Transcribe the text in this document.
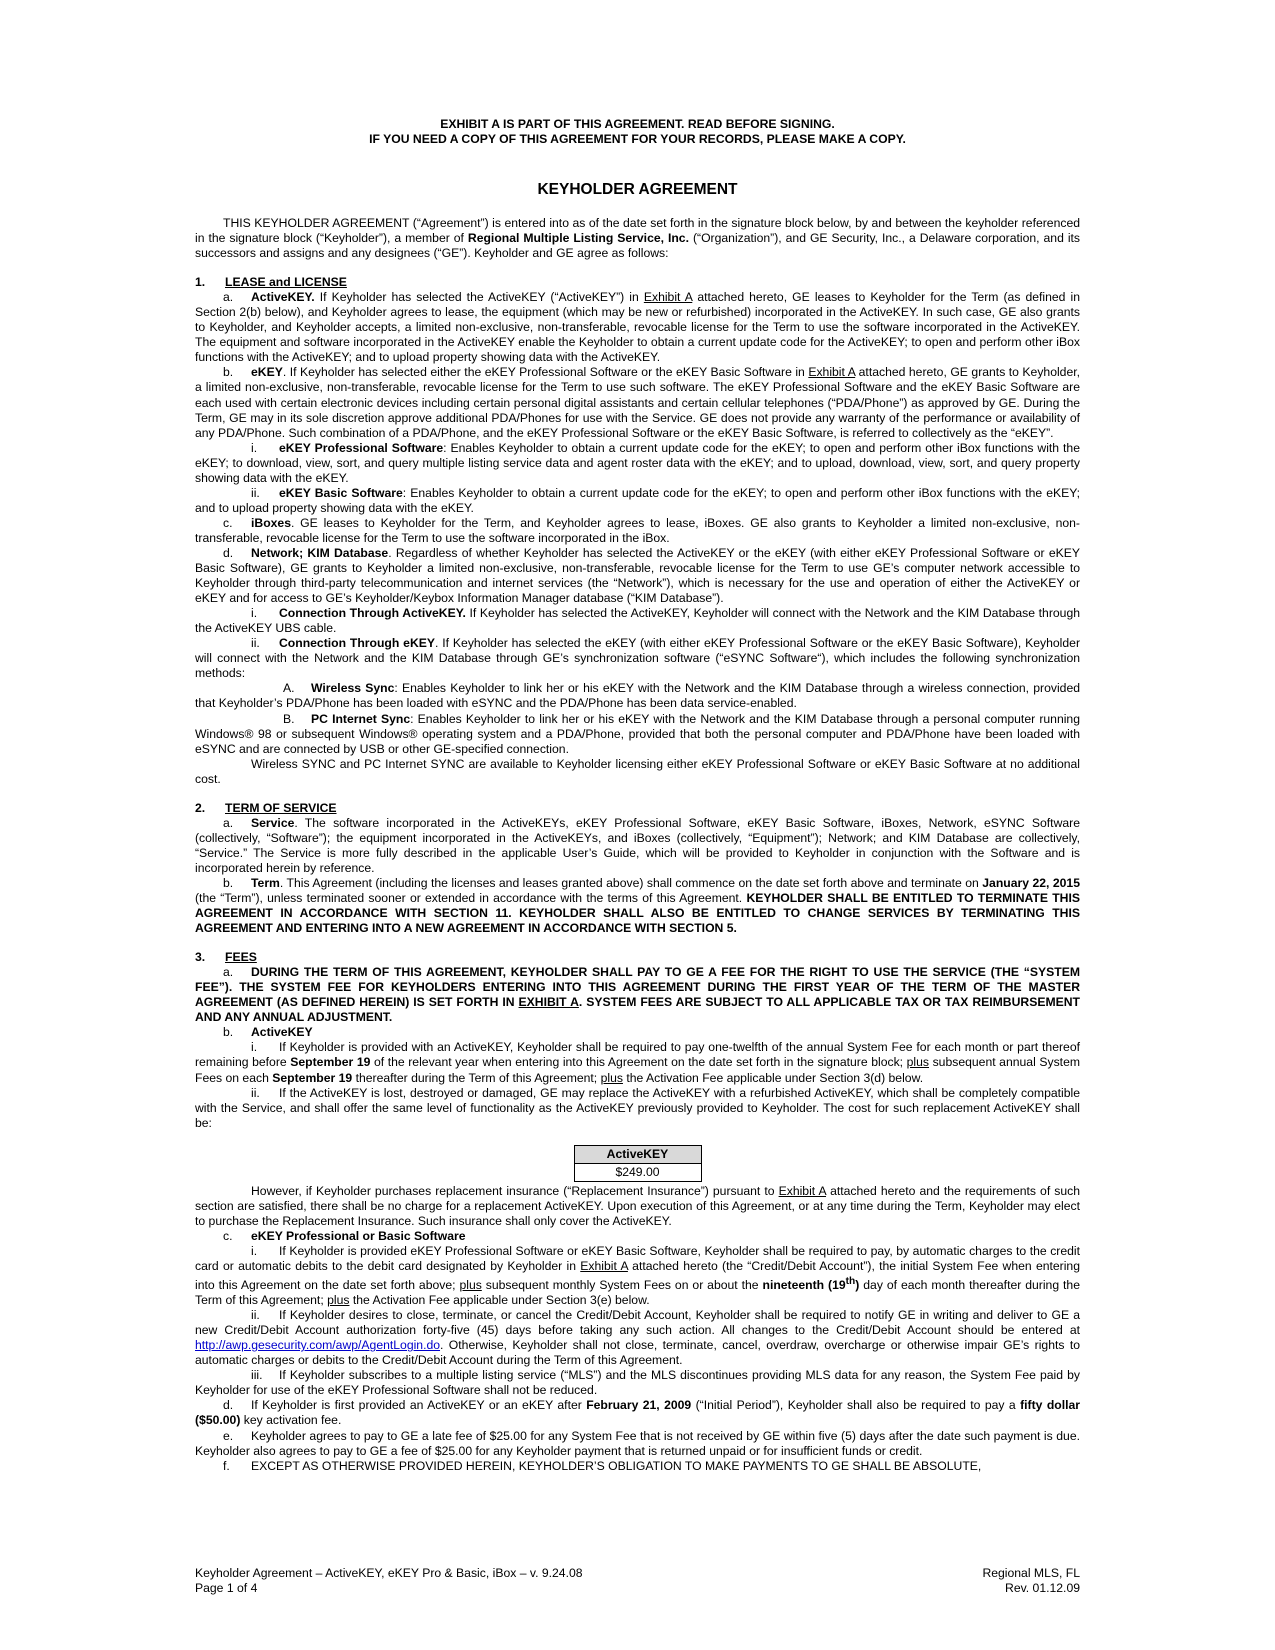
EXHIBIT A IS PART OF THIS AGREEMENT. READ BEFORE SIGNING.
IF YOU NEED A COPY OF THIS AGREEMENT FOR YOUR RECORDS, PLEASE MAKE A COPY.
KEYHOLDER AGREEMENT

THIS KEYHOLDER AGREEMENT (“Agreement”) is entered into as of the date set forth in the signature block below, by and between the keyholder referenced in the signature block (“Keyholder”), a member of Regional Multiple Listing Service, Inc. (“Organization”), and GE Security, Inc., a Delaware corporation, and its successors and assigns and any designees (“GE”). Keyholder and GE agree as follows:

1. LEASE and LICENSE

a. ActiveKEY. If Keyholder has selected the ActiveKEY (“ActiveKEY”) in Exhibit A attached hereto, GE leases to Keyholder for the Term (as defined in Section 2(b) below), and Keyholder agrees to lease, the equipment (which may be new or refurbished) incorporated in the ActiveKEY. In such case, GE also grants to Keyholder, and Keyholder accepts, a limited non-exclusive, non-transferable, revocable license for the Term to use the software incorporated in the ActiveKEY. The equipment and software incorporated in the ActiveKEY enable the Keyholder to obtain a current update code for the ActiveKEY; to open and perform other iBox functions with the ActiveKEY; and to upload property showing data with the ActiveKEY.

b. eKEY. If Keyholder has selected either the eKEY Professional Software or the eKEY Basic Software in Exhibit A attached hereto, GE grants to Keyholder, a limited non-exclusive, non-transferable, revocable license for the Term to use such software. The eKEY Professional Software and the eKEY Basic Software are each used with certain electronic devices including certain personal digital assistants and certain cellular telephones (“PDA/Phone”) as approved by GE. During the Term, GE may in its sole discretion approve additional PDA/Phones for use with the Service. GE does not provide any warranty of the performance or availability of any PDA/Phone. Such combination of a PDA/Phone, and the eKEY Professional Software or the eKEY Basic Software, is referred to collectively as the “eKEY”.

i. eKEY Professional Software: Enables Keyholder to obtain a current update code for the eKEY; to open and perform other iBox functions with the eKEY; to download, view, sort, and query multiple listing service data and agent roster data with the eKEY; and to upload, download, view, sort, and query property showing data with the eKEY.

ii. eKEY Basic Software: Enables Keyholder to obtain a current update code for the eKEY; to open and perform other iBox functions with the eKEY; and to upload property showing data with the eKEY.

c. iBoxes. GE leases to Keyholder for the Term, and Keyholder agrees to lease, iBoxes. GE also grants to Keyholder a limited non-exclusive, non-transferable, revocable license for the Term to use the software incorporated in the iBox.

d. Network; KIM Database. Regardless of whether Keyholder has selected the ActiveKEY or the eKEY (with either eKEY Professional Software or eKEY Basic Software), GE grants to Keyholder a limited non-exclusive, non-transferable, revocable license for the Term to use GE’s computer network accessible to Keyholder through third-party telecommunication and internet services (the “Network”), which is necessary for the use and operation of either the ActiveKEY or eKEY and for access to GE’s Keyholder/Keybox Information Manager database (“KIM Database”).

i. Connection Through ActiveKEY. If Keyholder has selected the ActiveKEY, Keyholder will connect with the Network and the KIM Database through the ActiveKEY UBS cable.

ii. Connection Through eKEY. If Keyholder has selected the eKEY (with either eKEY Professional Software or the eKEY Basic Software), Keyholder will connect with the Network and the KIM Database through GE’s synchronization software (“eSYNC Software“), which includes the following synchronization methods:

A. Wireless Sync: Enables Keyholder to link her or his eKEY with the Network and the KIM Database through a wireless connection, provided that Keyholder’s PDA/Phone has been loaded with eSYNC and the PDA/Phone has been data service-enabled.

B. PC Internet Sync: Enables Keyholder to link her or his eKEY with the Network and the KIM Database through a personal computer running Windows® 98 or subsequent Windows® operating system and a PDA/Phone, provided that both the personal computer and PDA/Phone have been loaded with eSYNC and are connected by USB or other GE-specified connection.

Wireless SYNC and PC Internet SYNC are available to Keyholder licensing either eKEY Professional Software or eKEY Basic Software at no additional cost.

2. TERM OF SERVICE

a. Service. The software incorporated in the ActiveKEYs, eKEY Professional Software, eKEY Basic Software, iBoxes, Network, eSYNC Software (collectively, “Software”); the equipment incorporated in the ActiveKEYs, and iBoxes (collectively, “Equipment”); Network; and KIM Database are collectively, “Service.” The Service is more fully described in the applicable User’s Guide, which will be provided to Keyholder in conjunction with the Software and is incorporated herein by reference.

b. Term. This Agreement (including the licenses and leases granted above) shall commence on the date set forth above and terminate on January 22, 2015 (the “Term”), unless terminated sooner or extended in accordance with the terms of this Agreement. KEYHOLDER SHALL BE ENTITLED TO TERMINATE THIS AGREEMENT IN ACCORDANCE WITH SECTION 11. KEYHOLDER SHALL ALSO BE ENTITLED TO CHANGE SERVICES BY TERMINATING THIS AGREEMENT AND ENTERING INTO A NEW AGREEMENT IN ACCORDANCE WITH SECTION 5.

3. FEES

a. DURING THE TERM OF THIS AGREEMENT, KEYHOLDER SHALL PAY TO GE A FEE FOR THE RIGHT TO USE THE SERVICE (THE “SYSTEM FEE”). THE SYSTEM FEE FOR KEYHOLDERS ENTERING INTO THIS AGREEMENT DURING THE FIRST YEAR OF THE TERM OF THE MASTER AGREEMENT (AS DEFINED HEREIN) IS SET FORTH IN EXHIBIT A. SYSTEM FEES ARE SUBJECT TO ALL APPLICABLE TAX OR TAX REIMBURSEMENT AND ANY ANNUAL ADJUSTMENT.

b. ActiveKEY

i. If Keyholder is provided with an ActiveKEY, Keyholder shall be required to pay one-twelfth of the annual System Fee for each month or part thereof remaining before September 19 of the relevant year when entering into this Agreement on the date set forth in the signature block; plus subsequent annual System Fees on each September 19 thereafter during the Term of this Agreement; plus the Activation Fee applicable under Section 3(d) below.

ii. If the ActiveKEY is lost, destroyed or damaged, GE may replace the ActiveKEY with a refurbished ActiveKEY, which shall be completely compatible with the Service, and shall offer the same level of functionality as the ActiveKEY previously provided to Keyholder. The cost for such replacement ActiveKEY shall be:

ActiveKEY
$249.00

However, if Keyholder purchases replacement insurance (“Replacement Insurance”) pursuant to Exhibit A attached hereto and the requirements of such section are satisfied, there shall be no charge for a replacement ActiveKEY. Upon execution of this Agreement, or at any time during the Term, Keyholder may elect to purchase the Replacement Insurance. Such insurance shall only cover the ActiveKEY.

c. eKEY Professional or Basic Software

i. If Keyholder is provided eKEY Professional Software or eKEY Basic Software, Keyholder shall be required to pay, by automatic charges to the credit card or automatic debits to the debit card designated by Keyholder in Exhibit A attached hereto (the “Credit/Debit Account”), the initial System Fee when entering into this Agreement on the date set forth above; plus subsequent monthly System Fees on or about the nineteenth (19th) day of each month thereafter during the Term of this Agreement; plus the Activation Fee applicable under Section 3(e) below.

ii. If Keyholder desires to close, terminate, or cancel the Credit/Debit Account, Keyholder shall be required to notify GE in writing and deliver to GE a new Credit/Debit Account authorization forty-five (45) days before taking any such action. All changes to the Credit/Debit Account should be entered at http://awp.gesecurity.com/awp/AgentLogin.do. Otherwise, Keyholder shall not close, terminate, cancel, overdraw, overcharge or otherwise impair GE’s rights to automatic charges or debits to the Credit/Debit Account during the Term of this Agreement.

iii. If Keyholder subscribes to a multiple listing service (“MLS”) and the MLS discontinues providing MLS data for any reason, the System Fee paid by Keyholder for use of the eKEY Professional Software shall not be reduced.

d. If Keyholder is first provided an ActiveKEY or an eKEY after February 21, 2009 (“Initial Period”), Keyholder shall also be required to pay a fifty dollar ($50.00) key activation fee.

e. Keyholder agrees to pay to GE a late fee of $25.00 for any System Fee that is not received by GE within five (5) days after the date such payment is due. Keyholder also agrees to pay to GE a fee of $25.00 for any Keyholder payment that is returned unpaid or for insufficient funds or credit.

f. EXCEPT AS OTHERWISE PROVIDED HEREIN, KEYHOLDER’S OBLIGATION TO MAKE PAYMENTS TO GE SHALL BE ABSOLUTE,

Keyholder Agreement – ActiveKEY, eKEY Pro & Basic, iBox – v. 9.24.08
Page 1 of 4
Regional MLS, FL
Rev. 01.12.09
